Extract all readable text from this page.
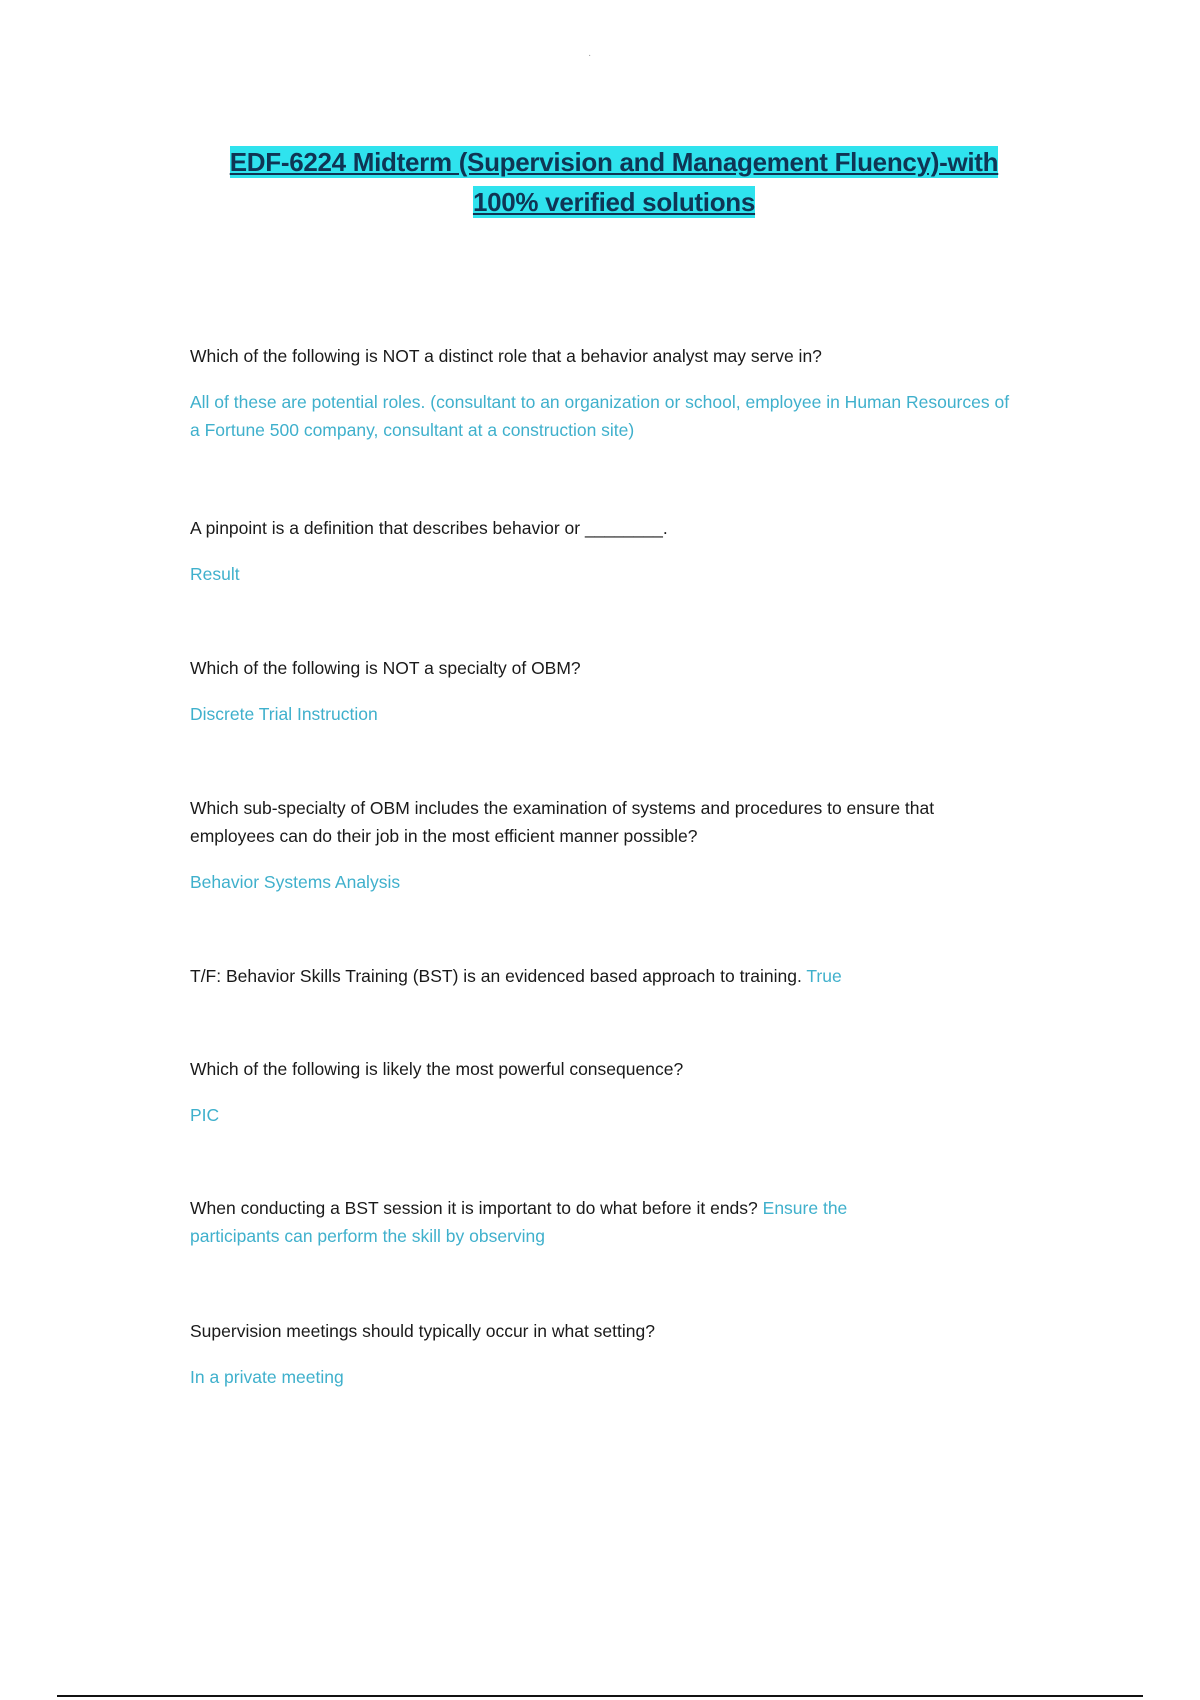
·
EDF-6224 Midterm (Supervision and Management Fluency)-with
100% verified solutions
Which of the following is NOT a distinct role that a behavior analyst may serve in?
All of these are potential roles. (consultant to an organization or school, employee in Human Resources of a Fortune 500 company, consultant at a construction site)
A pinpoint is a definition that describes behavior or ________.
Result
Which of the following is NOT a specialty of OBM?
Discrete Trial Instruction
Which sub-specialty of OBM includes the examination of systems and procedures to ensure that employees can do their job in the most efficient manner possible?
Behavior Systems Analysis
T/F: Behavior Skills Training (BST) is an evidenced based approach to training. True
Which of the following is likely the most powerful consequence?
PIC
When conducting a BST session it is important to do what before it ends? Ensure the participants can perform the skill by observing
Supervision meetings should typically occur in what setting?
In a private meeting
